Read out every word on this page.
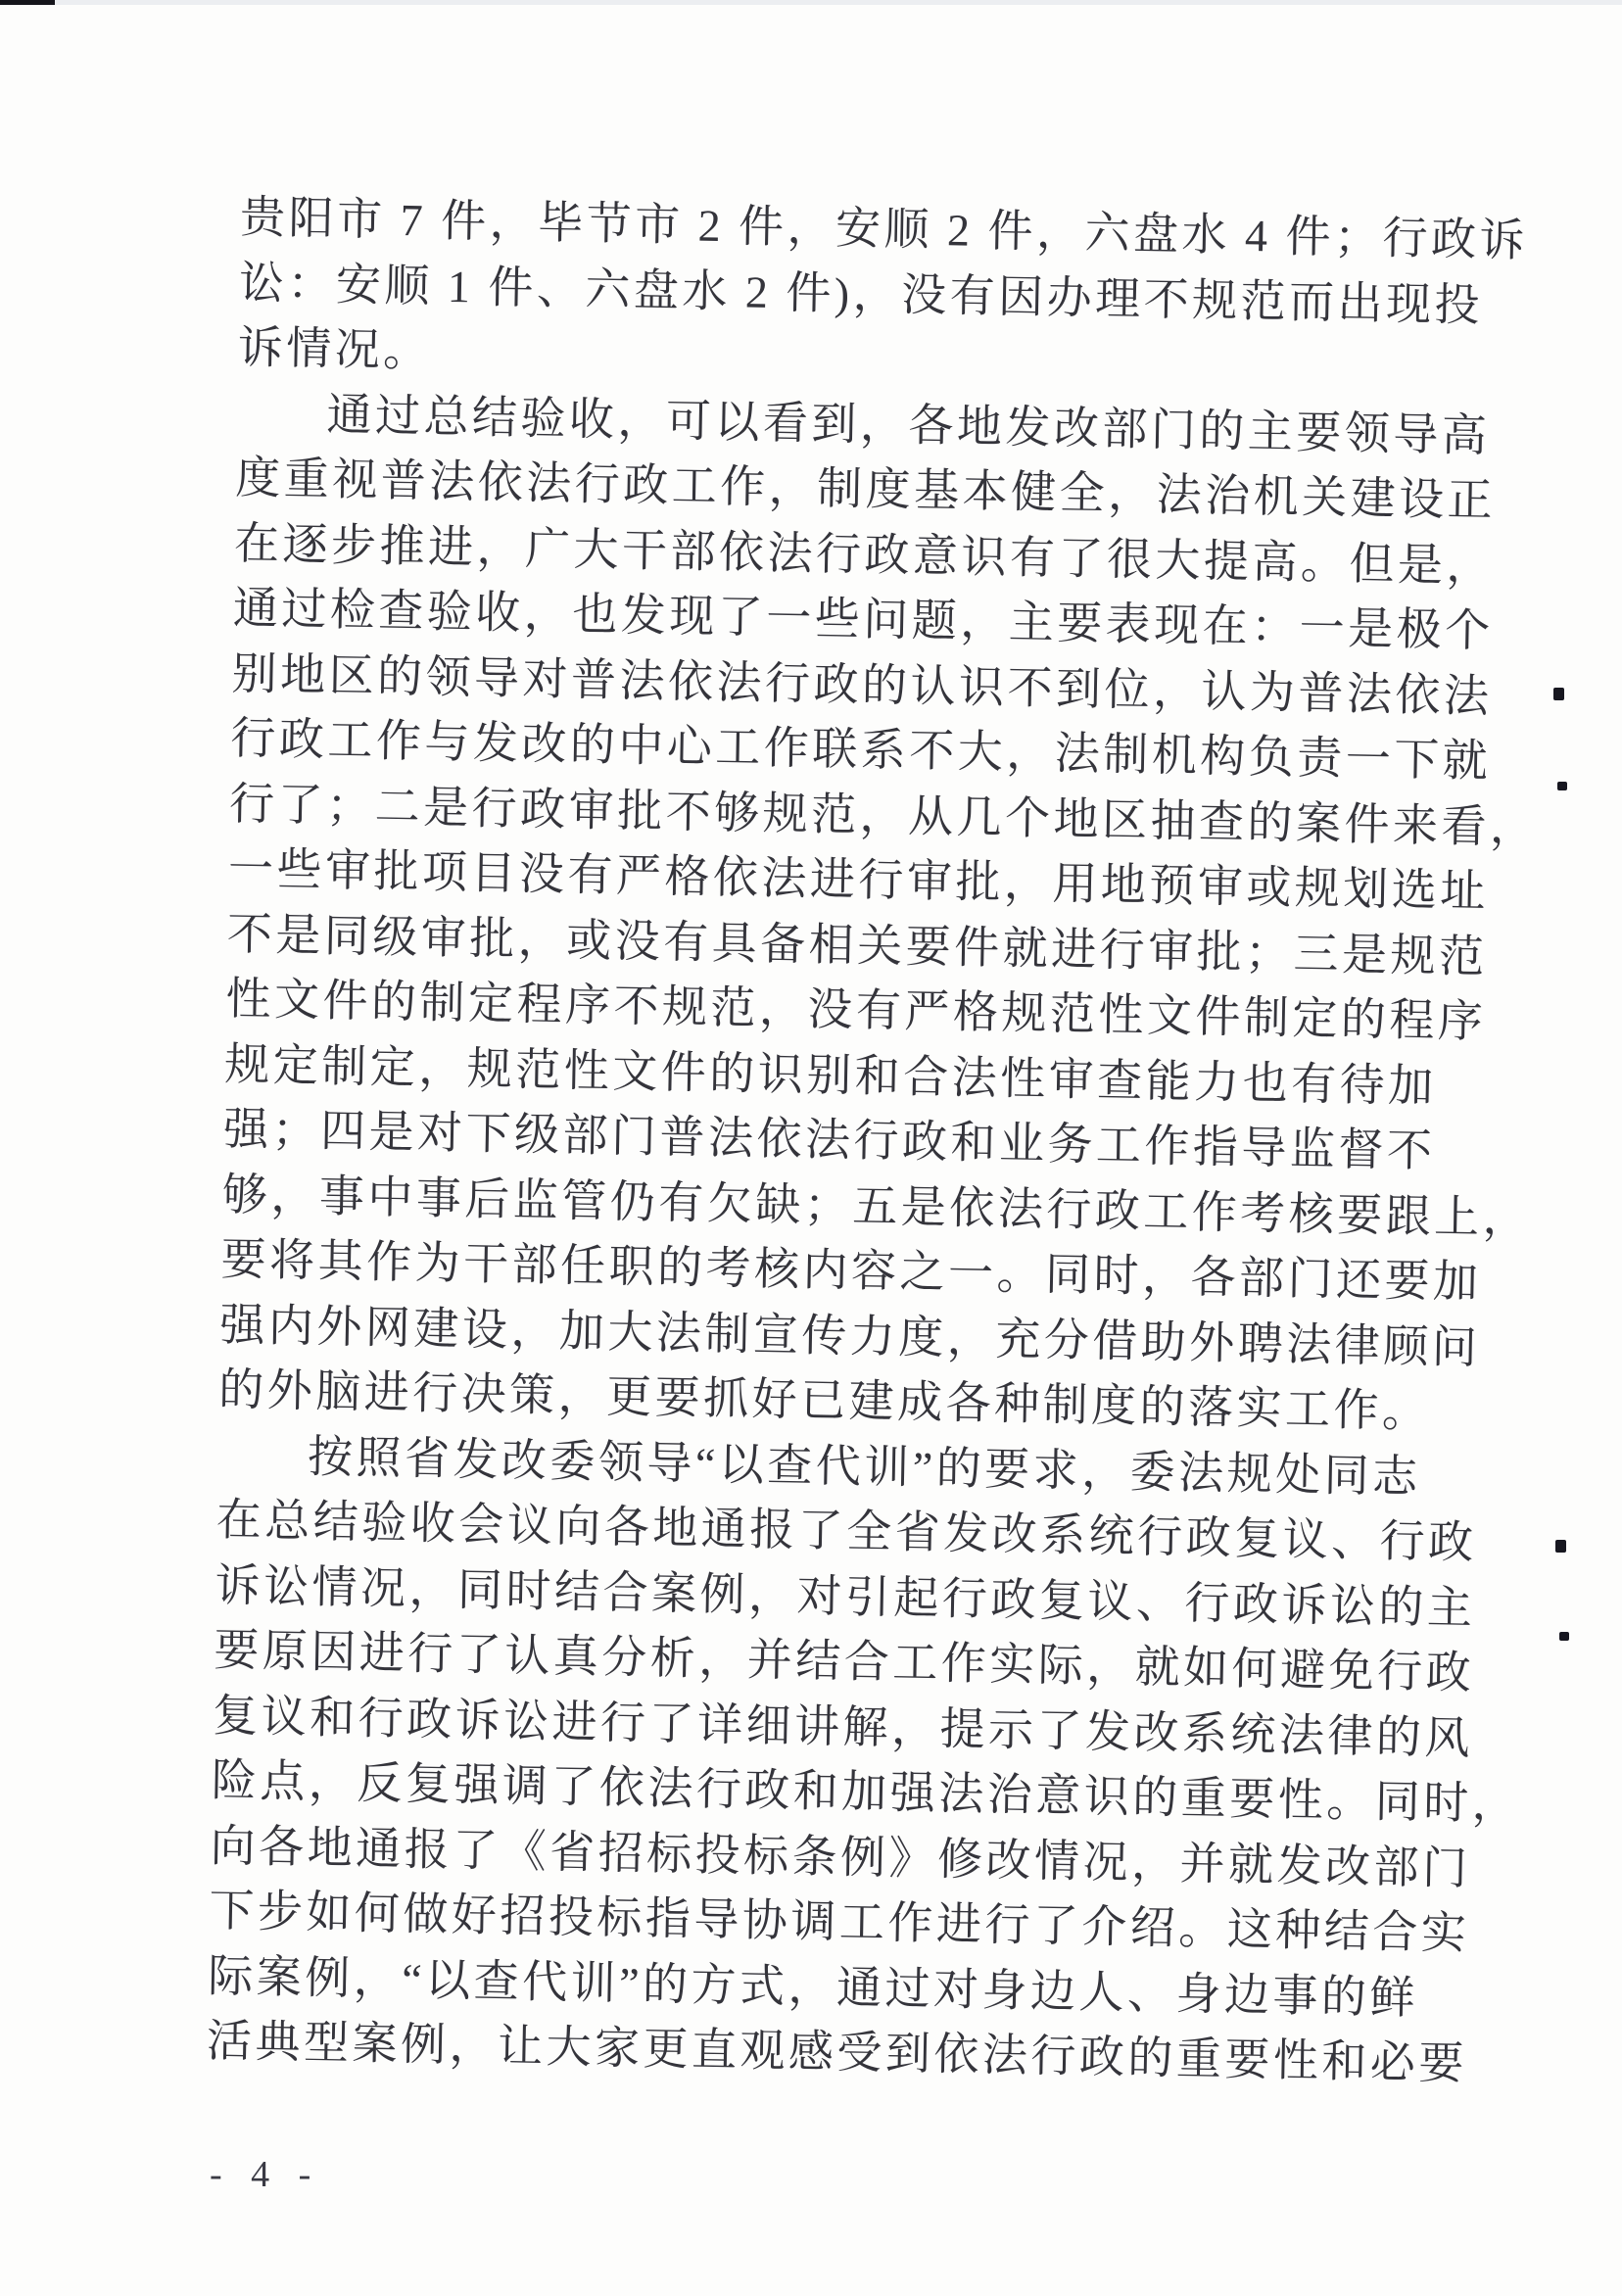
贵阳市 7 件，毕节市 2 件，安顺 2 件，六盘水 4 件；行政诉
讼：安顺 1 件、六盘水 2 件)，没有因办理不规范而出现投
诉情况。
通过总结验收，可以看到，各地发改部门的主要领导高
度重视普法依法行政工作，制度基本健全，法治机关建设正
在逐步推进，广大干部依法行政意识有了很大提高。但是，
通过检查验收，也发现了一些问题，主要表现在：一是极个
别地区的领导对普法依法行政的认识不到位，认为普法依法
行政工作与发改的中心工作联系不大，法制机构负责一下就
行了；二是行政审批不够规范，从几个地区抽查的案件来看，
一些审批项目没有严格依法进行审批，用地预审或规划选址
不是同级审批，或没有具备相关要件就进行审批；三是规范
性文件的制定程序不规范，没有严格规范性文件制定的程序
规定制定，规范性文件的识别和合法性审查能力也有待加
强；四是对下级部门普法依法行政和业务工作指导监督不
够，事中事后监管仍有欠缺；五是依法行政工作考核要跟上，
要将其作为干部任职的考核内容之一。同时，各部门还要加
强内外网建设，加大法制宣传力度，充分借助外聘法律顾问
的外脑进行决策，更要抓好已建成各种制度的落实工作。
按照省发改委领导“以查代训”的要求，委法规处同志
在总结验收会议向各地通报了全省发改系统行政复议、行政
诉讼情况，同时结合案例，对引起行政复议、行政诉讼的主
要原因进行了认真分析，并结合工作实际，就如何避免行政
复议和行政诉讼进行了详细讲解，提示了发改系统法律的风
险点，反复强调了依法行政和加强法治意识的重要性。同时，
向各地通报了《省招标投标条例》修改情况，并就发改部门
下步如何做好招投标指导协调工作进行了介绍。这种结合实
际案例，“以查代训”的方式，通过对身边人、身边事的鲜
活典型案例，让大家更直观感受到依法行政的重要性和必要
- 4 -
